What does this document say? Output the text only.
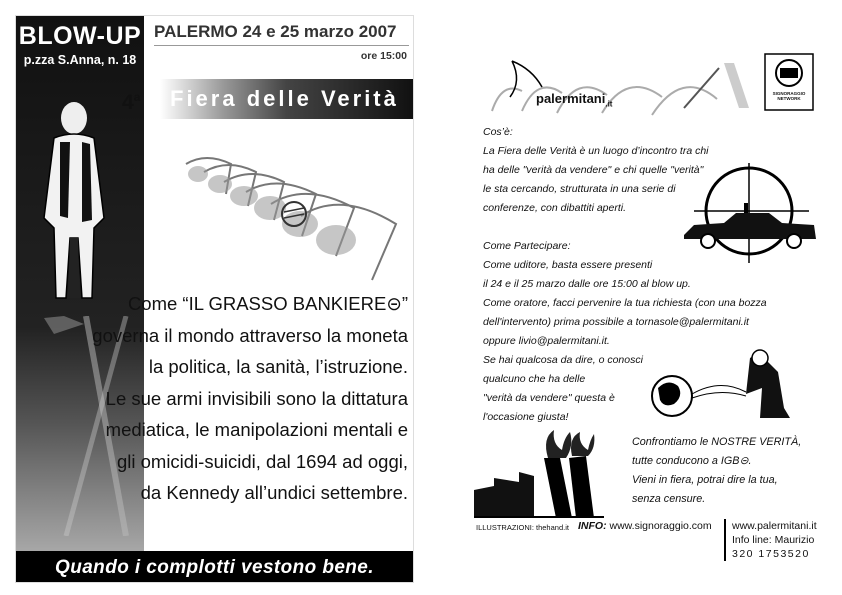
BLOW-UP
p.zza S.Anna, n. 18
PALERMO 24 e 25 marzo 2007
ore 15:00
4$^a$ Fiera delle Verità
Come “IL GRASSO BANKIERE⊝”
governa il mondo attraverso la moneta
la politica, la sanità, l’istruzione.
Le sue armi invisibili sono la dittatura
mediatica, le manipolazioni mentali e
gli omicidi-suicidi, dal 1694 ad oggi,
da Kennedy all’undici settembre.
Quando i complotti vestono bene.
palermitani$_{.it}$
SIGNORAGGIO NETWORK
Cos’è:
La Fiera delle Verità è un luogo d’incontro tra chi
ha delle "verità da vendere" e chi quelle "verità"
le sta cercando, strutturata in una serie di
conferenze, con dibattiti aperti.
Come Partecipare:
Come uditore, basta essere presenti
il 24 e il 25 marzo dalle ore 15:00 al blow up.
Come oratore, facci pervenire la tua richiesta (con una bozza
dell'intervento) prima possibile a tornasole@palermitani.it
oppure livio@palermitani.it.
Se hai qualcosa da dire, o conosci
qualcuno che ha delle
"verità da vendere" questa è
l'occasione giusta!
Confrontiamo le NOSTRE VERITÀ,
tutte conducono a IGB⊝.
Vieni in fiera, potrai dire la tua,
senza censure.
ILLUSTRAZIONI: thehand.it INFO: www.signoraggio.com www.palermitani.it
Info line: Maurizio
320 1753520
